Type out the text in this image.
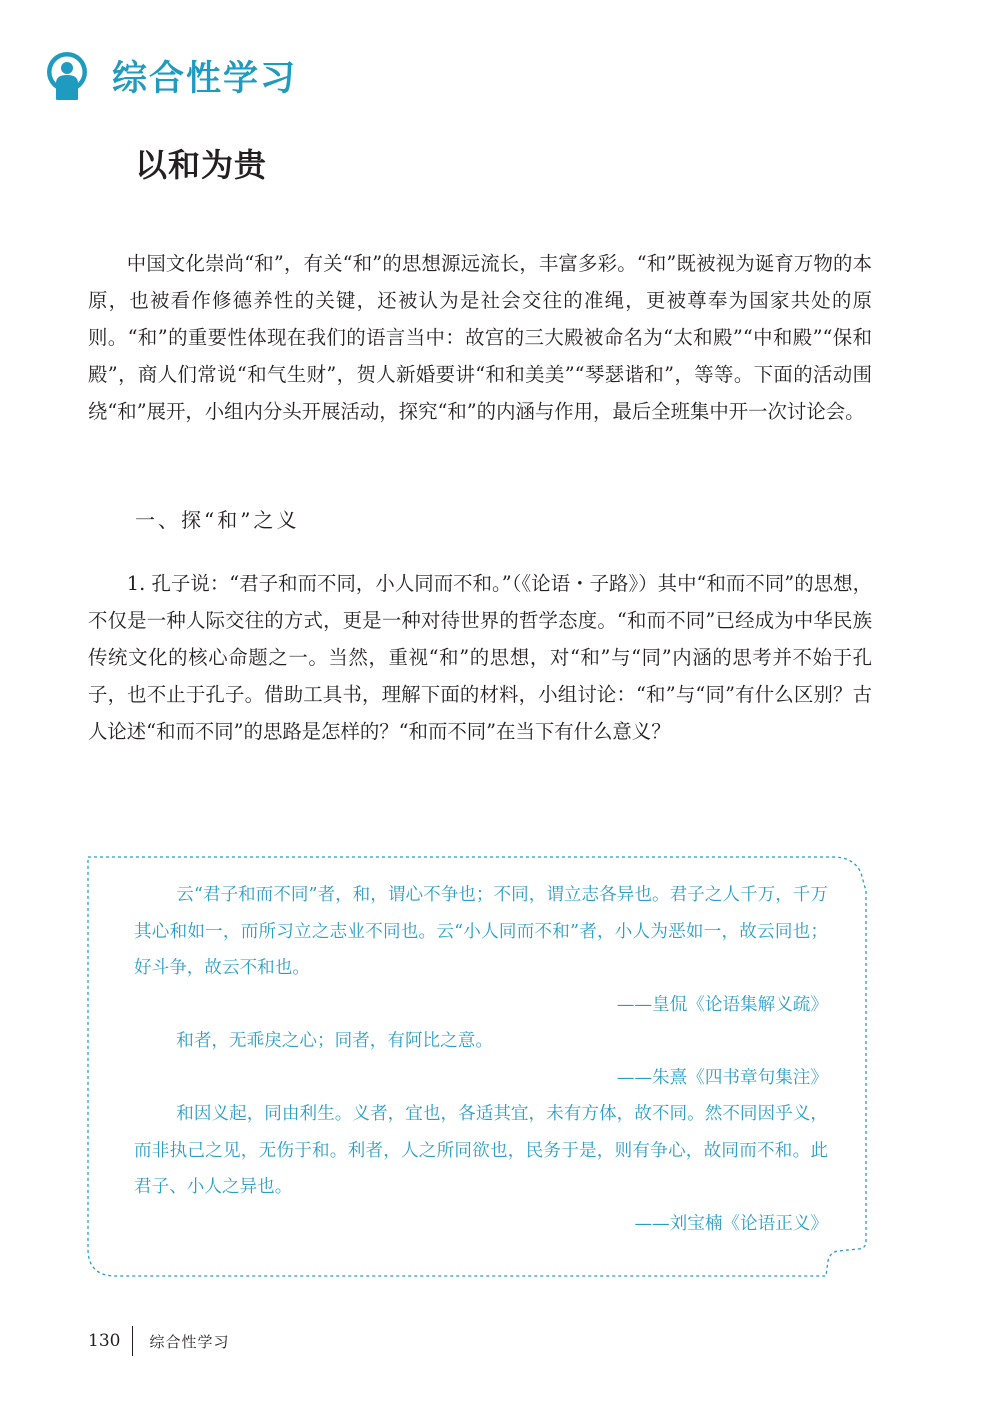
综合性学习
以和为贵

中国文化崇尚“和”，有关“和”的思想源远流长，丰富多彩。“和”既被视为诞育万物的本原，也被看作修德养性的关键，还被认为是社会交往的准绳，更被尊奉为国家共处的原则。“和”的重要性体现在我们的语言当中：故宫的三大殿被命名为“太和殿”“中和殿”“保和殿”，商人们常说“和气生财”，贺人新婚要讲“和和美美”“琴瑟谐和”，等等。下面的活动围绕“和”展开，小组内分头开展活动，探究“和”的内涵与作用，最后全班集中开一次讨论会。

一、探“和”之义

1. 孔子说：“君子和而不同，小人同而不和。”（《论语・子路》）其中“和而不同”的思想，不仅是一种人际交往的方式，更是一种对待世界的哲学态度。“和而不同”已经成为中华民族传统文化的核心命题之一。当然，重视“和”的思想，对“和”与“同”内涵的思考并不始于孔子，也不止于孔子。借助工具书，理解下面的材料，小组讨论：“和”与“同”有什么区别？古人论述“和而不同”的思路是怎样的？“和而不同”在当下有什么意义？

云“君子和而不同”者，和，谓心不争也；不同，谓立志各异也。君子之人千万，千万其心和如一，而所习立之志业不同也。云“小人同而不和”者，小人为恶如一，故云同也；好斗争，故云不和也。

——皇侃《论语集解义疏》

和者，无乖戾之心；同者，有阿比之意。

——朱熹《四书章句集注》

和因义起，同由利生。义者，宜也，各适其宜，未有方体，故不同。然不同因乎义，而非执己之见，无伤于和。利者，人之所同欲也，民务于是，则有争心，故同而不和。此君子、小人之异也。

——刘宝楠《论语正义》

130 综合性学习
